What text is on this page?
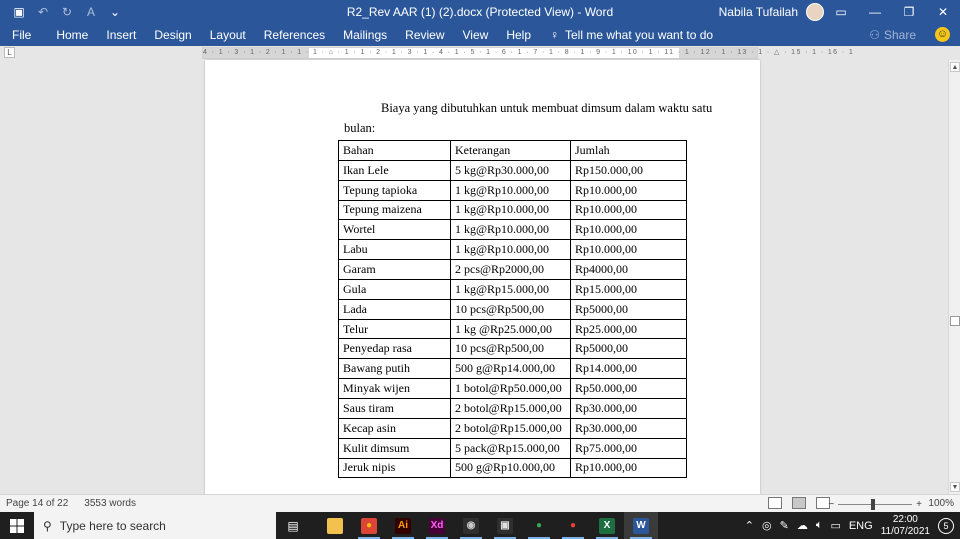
▣ ↶ ↻ A ⌄	R2_Rev AAR (1) (2).docx (Protected View) - Word	Nabila Tufailah	▭	—	❐	✕
File	Home	Insert	Design	Layout	References	Mailings	Review	View	Help	♀ Tell me what you want to do	⚇ Share ☺
L	4 · 1 · 3 · 1 · 2 · 1 · 1 · 1 · ⌂ · 1 · 1 · 2 · 1 · 3 · 1 · 4 · 1 · 5 · 1 · 6 · 1 · 7 · 1 · 8 · 1 · 9 · 1 · 10 · 1 · 11 · 1 · 12 · 1 · 13 · 1 · △ · 15 · 1 · 16 · 1
Biaya yang dibutuhkan untuk membuat dimsum dalam waktu satu
bulan:
Bahan	Keterangan	Jumlah
Ikan Lele	5 kg@Rp30.000,00	Rp150.000,00
Tepung tapioka	1 kg@Rp10.000,00	Rp10.000,00
Tepung maizena	1 kg@Rp10.000,00	Rp10.000,00
Wortel	1 kg@Rp10.000,00	Rp10.000,00
Labu	1 kg@Rp10.000,00	Rp10.000,00
Garam	2 pcs@Rp2000,00	Rp4000,00
Gula	1 kg@Rp15.000,00	Rp15.000,00
Lada	10 pcs@Rp500,00	Rp5000,00
Telur	1 kg @Rp25.000,00	Rp25.000,00
Penyedap rasa	10 pcs@Rp500,00	Rp5000,00
Bawang putih	500 g@Rp14.000,00	Rp14.000,00
Minyak wijen	1 botol@Rp50.000,00	Rp50.000,00
Saus tiram	2 botol@Rp15.000,00	Rp30.000,00
Kecap asin	2 botol@Rp15.000,00	Rp30.000,00
Kulit dimsum	5 pack@Rp15.000,00	Rp75.000,00
Jeruk nipis	500 g@Rp10.000,00	Rp10.000,00
▲
▼
Page 14 of 22	3553 words	−	+ 100%
⚲ Type here to search	▤	▆	●	Ai	Xd	◉	▣	●	●	X	W	⌃ ◎ ✎ ☁ 🔈︎ ▭ ENG
22:00
11/07/2021	5
